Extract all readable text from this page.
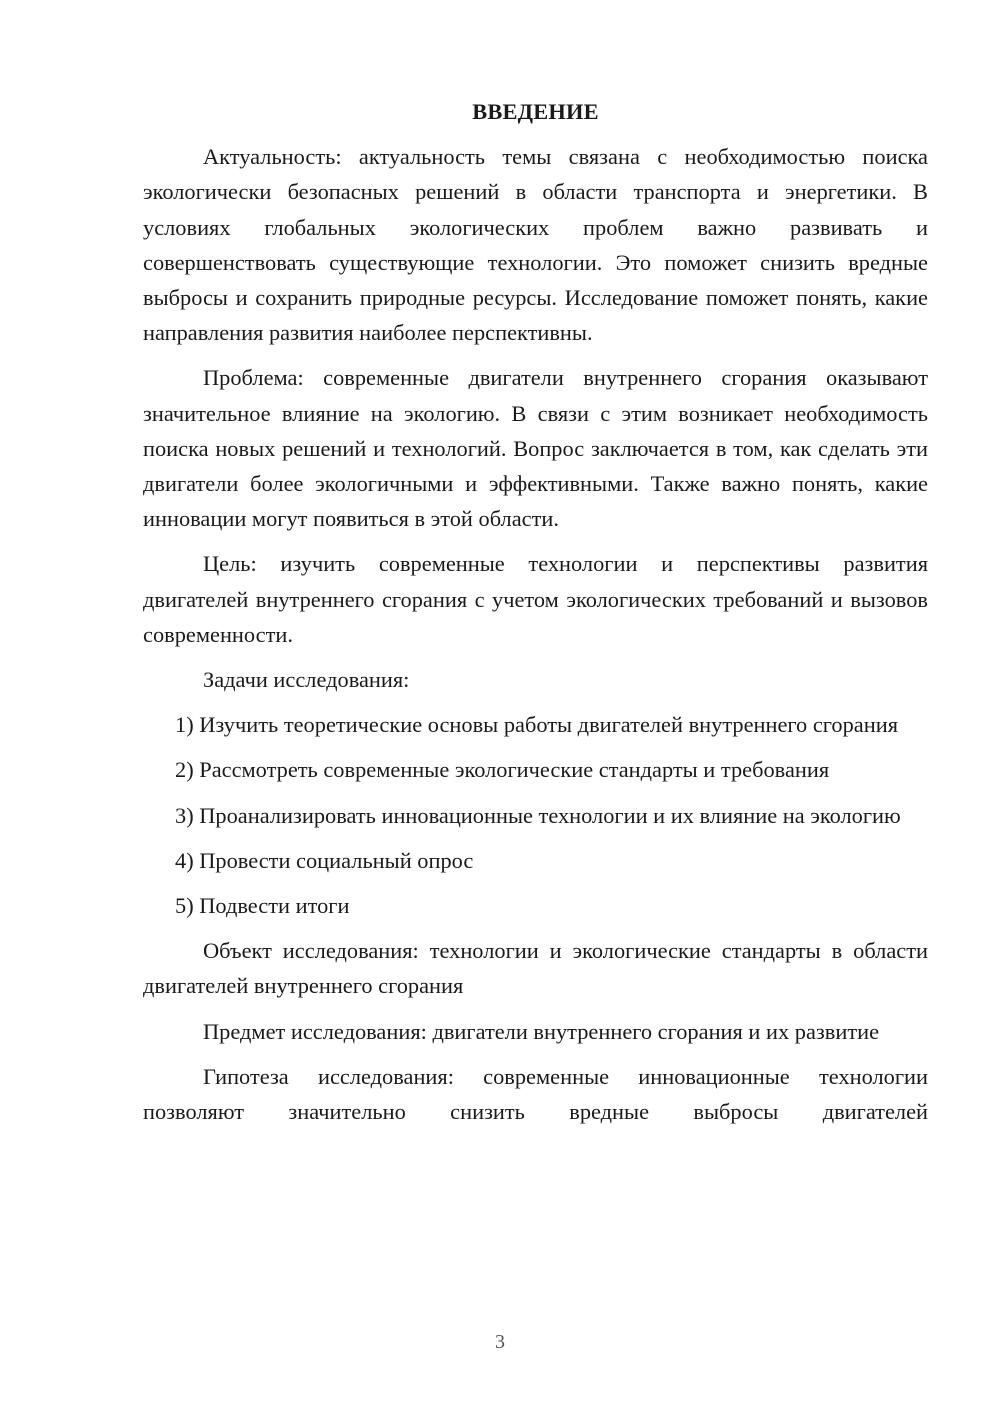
ВВЕДЕНИЕ

Актуальность: актуальность темы связана с необходимостью поиска экологически безопасных решений в области транспорта и энергетики. В условиях глобальных экологических проблем важно развивать и совершенствовать существующие технологии. Это поможет снизить вредные выбросы и сохранить природные ресурсы. Исследование поможет понять, какие направления развития наиболее перспективны.

Проблема: современные двигатели внутреннего сгорания оказывают значительное влияние на экологию. В связи с этим возникает необходимость поиска новых решений и технологий. Вопрос заключается в том, как сделать эти двигатели более экологичными и эффективными. Также важно понять, какие инновации могут появиться в этой области.

Цель: изучить современные технологии и перспективы развития двигателей внутреннего сгорания с учетом экологических требований и вызовов современности.

Задачи исследования:

1) Изучить теоретические основы работы двигателей внутреннего сгорания

2) Рассмотреть современные экологические стандарты и требования

3) Проанализировать инновационные технологии и их влияние на экологию

4) Провести социальный опрос

5) Подвести итоги

Объект исследования: технологии и экологические стандарты в области двигателей внутреннего сгорания

Предмет исследования: двигатели внутреннего сгорания и их развитие

Гипотеза исследования: современные инновационные технологии позволяют значительно снизить вредные выбросы двигателей

3
